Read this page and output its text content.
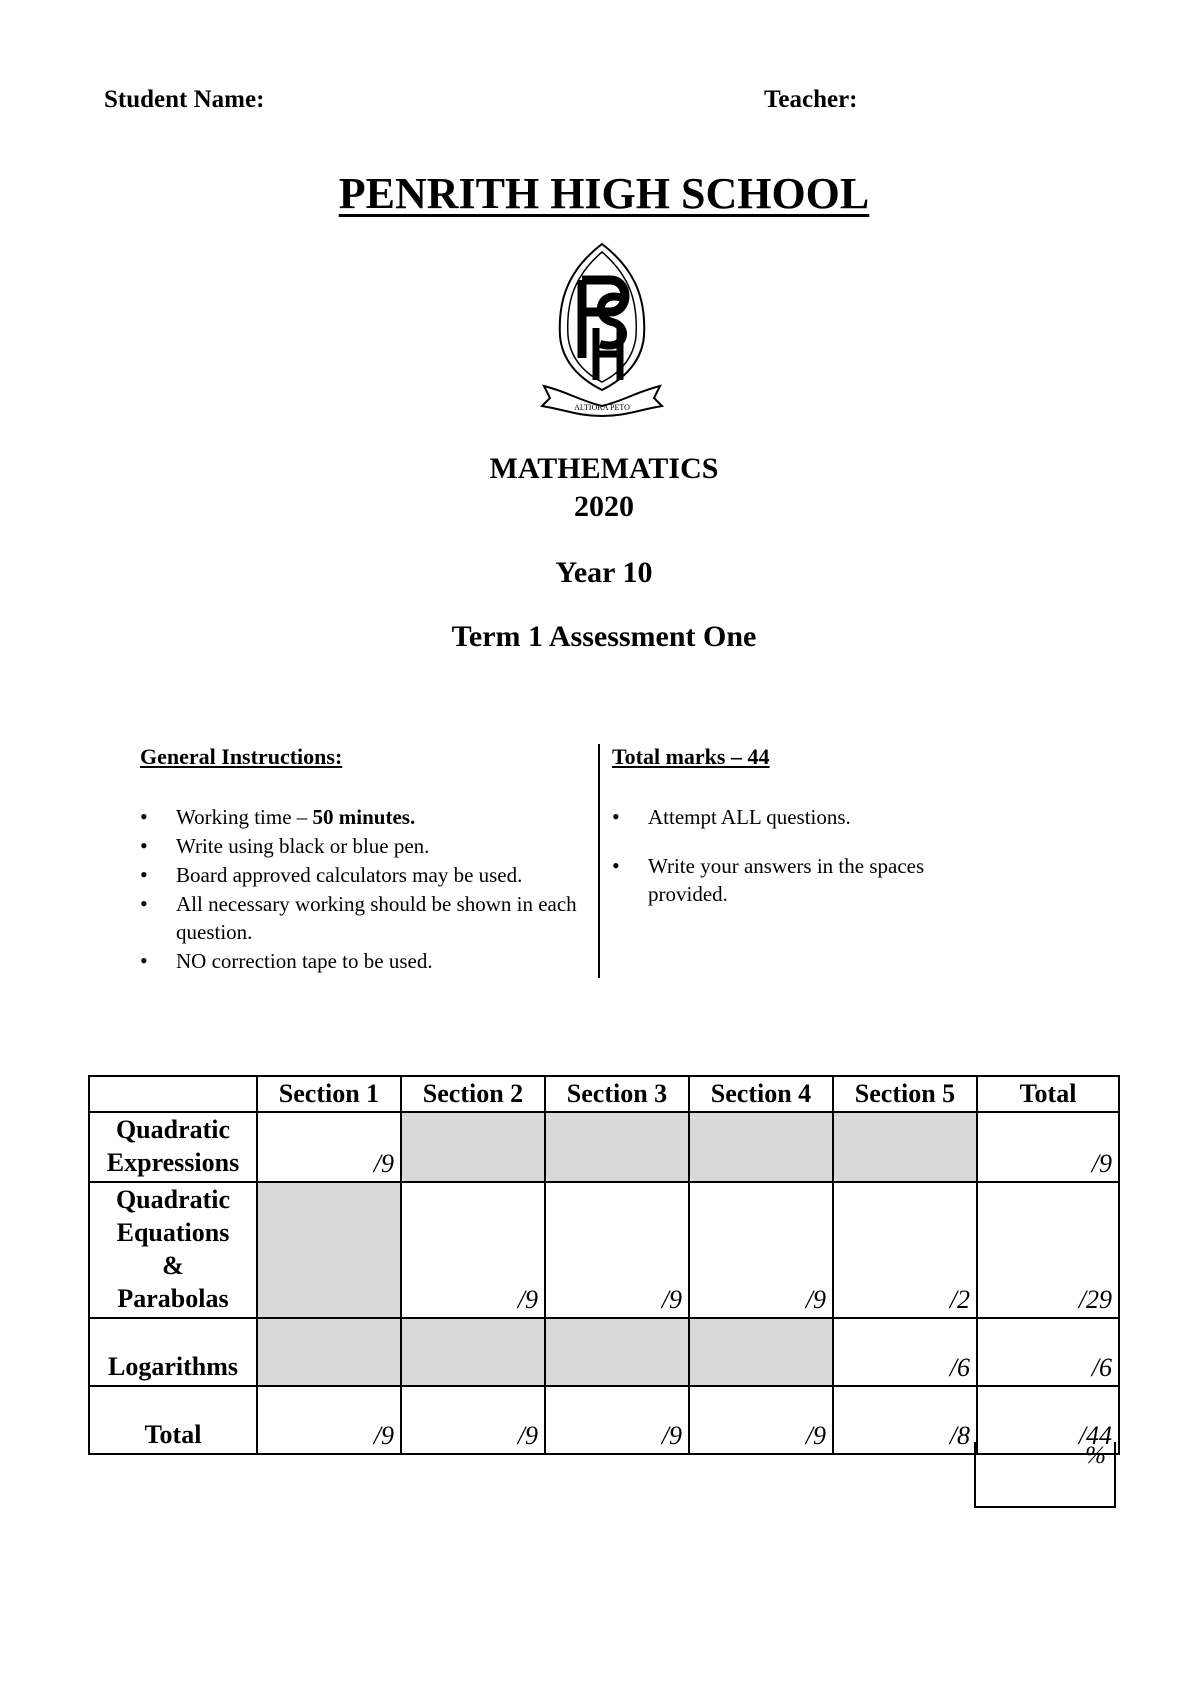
Student Name:	Teacher:
PENRITH HIGH SCHOOL
ALTIORA PETO
MATHEMATICS
2020
Year 10
Term 1 Assessment One
General Instructions:
• Working time – 50 minutes.
• Write using black or blue pen.
• Board approved calculators may be used.
• All necessary working should be shown in each question.
• NO correction tape to be used.
Total marks – 44
• Attempt ALL questions.
• Write your answers in the spaces provided.
	Section 1	Section 2	Section 3	Section 4	Section 5	Total
Quadratic
Expressions	/9					/9
Quadratic
Equations
&
Parabolas		/9	/9	/9	/2	/29
Logarithms					/6	/6
Total	/9	/9	/9	/9	/8	/44
%
